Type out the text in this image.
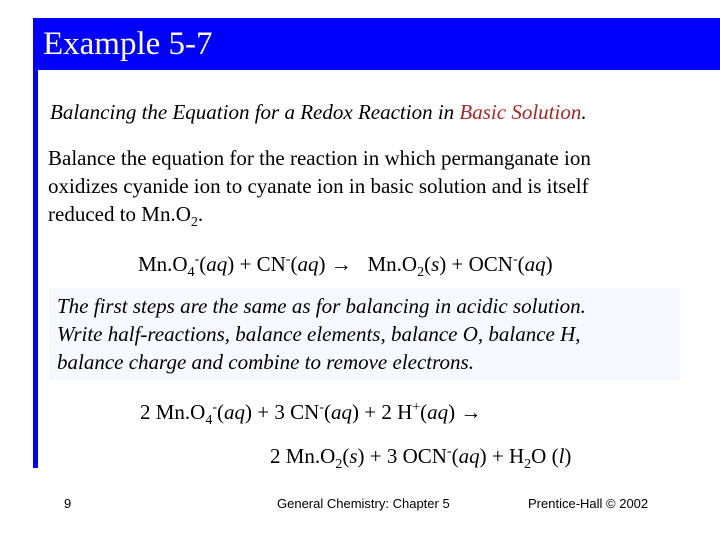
Example 5-7
Balancing the Equation for a Redox Reaction in Basic Solution.
Balance the equation for the reaction in which permanganate ion
oxidizes cyanide ion to cyanate ion in basic solution and is itself
reduced to $Mn.O_2$.
$Mn.O_4^-(aq) + CN^-(aq) \to Mn.O_2(s) + OCN^-(aq)$
The first steps are the same as for balancing in acidic solution.
Write half-reactions, balance elements, balance O, balance H,
balance charge and combine to remove electrons.
2 $Mn.O_4^-(aq) + 3$ CN-(aq) + 2 H+(aq) →
2 $Mn.O_2(s) + 3$ $OCN^-(aq) + H_2O$ (l)
9	General Chemistry: Chapter 5	Prentice-Hall © 2002
